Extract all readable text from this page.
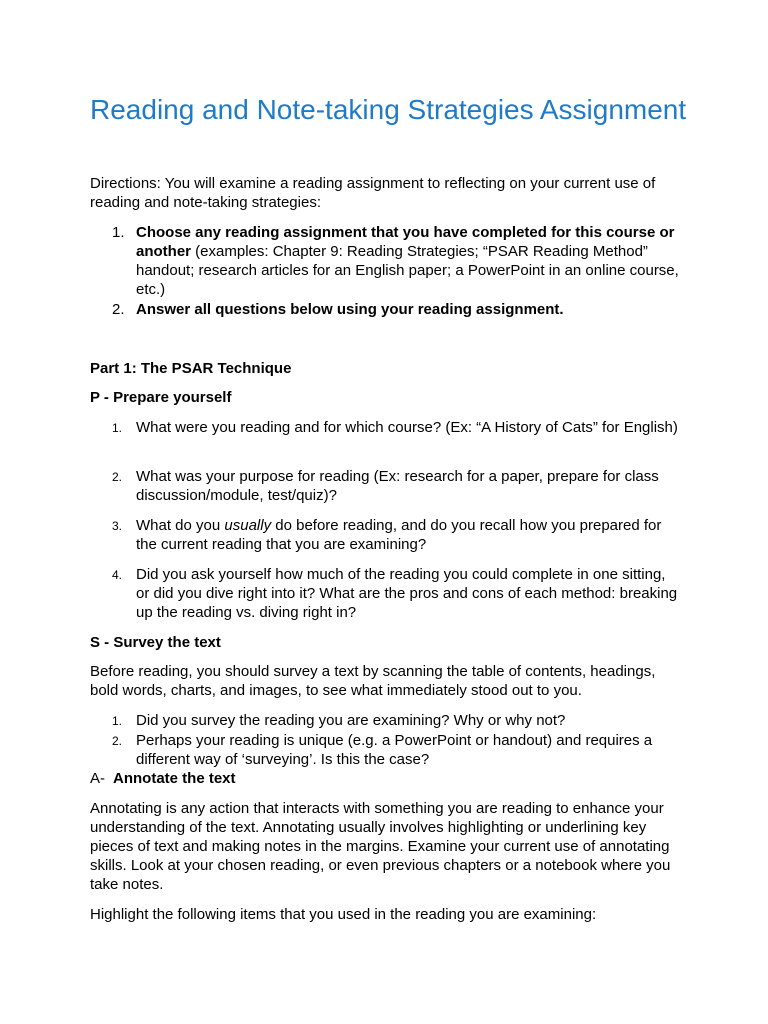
Reading and Note-taking Strategies Assignment

Directions: You will examine a reading assignment to reflecting on your current use of reading and note-taking strategies:

1. Choose any reading assignment that you have completed for this course or another (examples: Chapter 9: Reading Strategies; “PSAR Reading Method” handout; research articles for an English paper; a PowerPoint in an online course, etc.)
2. Answer all questions below using your reading assignment.

Part 1: The PSAR Technique

P - Prepare yourself

1. What were you reading and for which course? (Ex: “A History of Cats” for English)
2. What was your purpose for reading (Ex: research for a paper, prepare for class discussion/module, test/quiz)?
3. What do you usually do before reading, and do you recall how you prepared for the current reading that you are examining?
4. Did you ask yourself how much of the reading you could complete in one sitting, or did you dive right into it? What are the pros and cons of each method: breaking up the reading vs. diving right in?

S - Survey the text

Before reading, you should survey a text by scanning the table of contents, headings, bold words, charts, and images, to see what immediately stood out to you.

1. Did you survey the reading you are examining? Why or why not?
2. Perhaps your reading is unique (e.g. a PowerPoint or handout) and requires a different way of ‘surveying’. Is this the case?
A- Annotate the text

Annotating is any action that interacts with something you are reading to enhance your understanding of the text. Annotating usually involves highlighting or underlining key pieces of text and making notes in the margins. Examine your current use of annotating skills. Look at your chosen reading, or even previous chapters or a notebook where you take notes.

Highlight the following items that you used in the reading you are examining:
